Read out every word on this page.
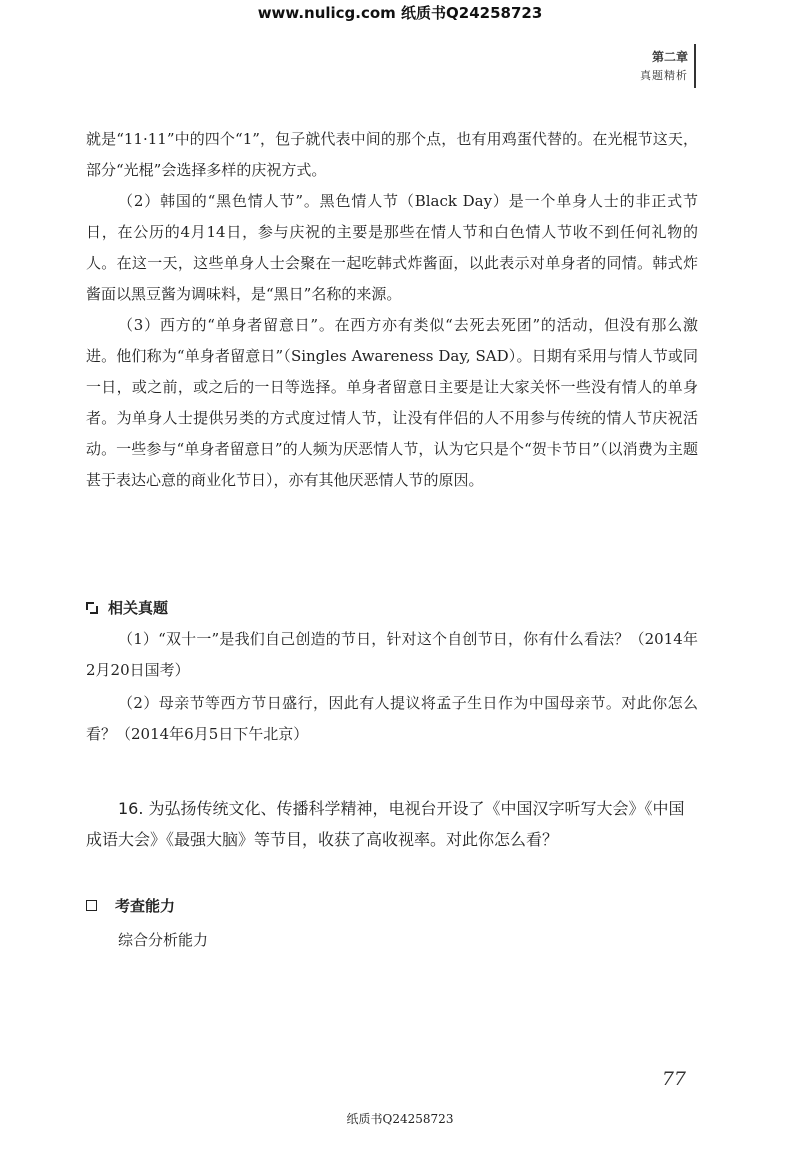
www.nulicg.com 纸质书Q24258723
第二章
真题精析

就是“11·11”中的四个“1”，包子就代表中间的那个点，也有用鸡蛋代替的。在光棍节这天，部分“光棍”会选择多样的庆祝方式。

（2）韩国的“黑色情人节”。黑色情人节（Black Day）是一个单身人士的非正式节日，在公历的4月14日，参与庆祝的主要是那些在情人节和白色情人节收不到任何礼物的人。在这一天，这些单身人士会聚在一起吃韩式炸酱面，以此表示对单身者的同情。韩式炸酱面以黑豆酱为调味料，是“黑日”名称的来源。

（3）西方的“单身者留意日”。在西方亦有类似“去死去死团”的活动，但没有那么激进。他们称为“单身者留意日”（Singles Awareness Day, SAD）。日期有采用与情人节或同一日，或之前，或之后的一日等选择。单身者留意日主要是让大家关怀一些没有情人的单身者。为单身人士提供另类的方式度过情人节，让没有伴侣的人不用参与传统的情人节庆祝活动。一些参与“单身者留意日”的人频为厌恶情人节，认为它只是个“贺卡节日”（以消费为主题甚于表达心意的商业化节日），亦有其他厌恶情人节的原因。

相关真题

（1）“双十一”是我们自己创造的节日，针对这个自创节日，你有什么看法？（2014年2月20日国考）

（2）母亲节等西方节日盛行，因此有人提议将孟子生日作为中国母亲节。对此你怎么看？（2014年6月5日下午北京）

16. 为弘扬传统文化、传播科学精神，电视台开设了《中国汉字听写大会》《中国成语大会》《最强大脑》等节目，收获了高收视率。对此你怎么看？

考查能力
综合分析能力
77
纸质书Q24258723
